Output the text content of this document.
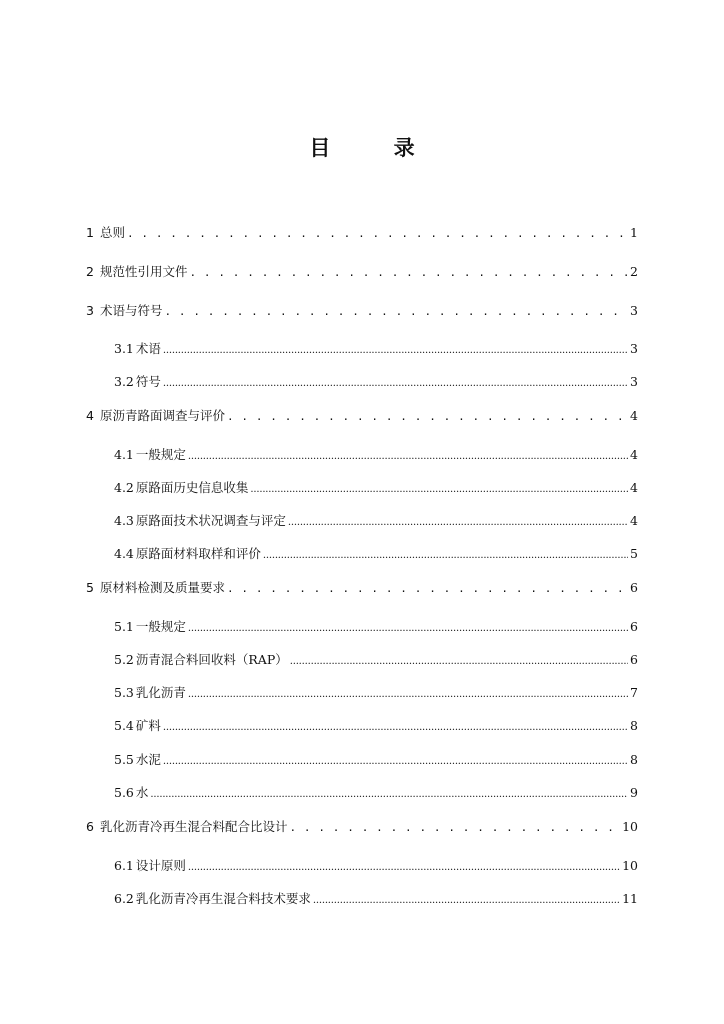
目 录
1 总则 . . .	1
2 规范性引用文件 . . .	2
3 术语与符号 . . .	3
3.1 术语 .....	3
3.2 符号 .....	3
4 原沥青路面调查与评价 . . .	4
4.1 一般规定 .....	4
4.2 原路面历史信息收集 .....	4
4.3 原路面技术状况调查与评定 .....	4
4.4 原路面材料取样和评价 .....	5
5 原材料检测及质量要求 . . .	6
5.1 一般规定 .....	6
5.2 沥青混合料回收料（RAP） .....	6
5.3 乳化沥青 .....	7
5.4 矿料 .....	8
5.5 水泥 .....	8
5.6 水 .....	9
6 乳化沥青冷再生混合料配合比设计 . . .	10
6.1 设计原则 .....	10
6.2 乳化沥青冷再生混合料技术要求 .....	11
